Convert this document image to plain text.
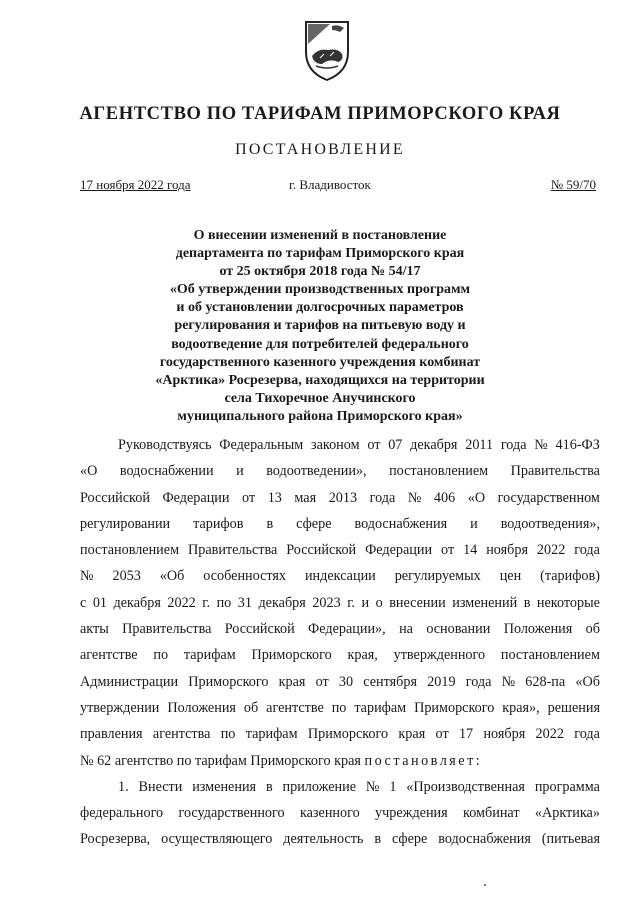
АГЕНТСТВО ПО ТАРИФАМ ПРИМОРСКОГО КРАЯ
ПОСТАНОВЛЕНИЕ
17 ноября 2022 года	г. Владивосток	№ 59/70
О внесении изменений в постановление
департамента по тарифам Приморского края
от 25 октября 2018 года № 54/17
«Об утверждении производственных программ
и об установлении долгосрочных параметров
регулирования и тарифов на питьевую воду и
водоотведение для потребителей федерального
государственного казенного учреждения комбинат
«Арктика» Росрезерва, находящихся на территории
села Тихоречное Анучинского
муниципального района Приморского края»
Руководствуясь Федеральным законом от 07 декабря 2011 года № 416-ФЗ
«О водоснабжении и водоотведении», постановлением Правительства
Российской Федерации от 13 мая 2013 года № 406 «О государственном
регулировании тарифов в сфере водоснабжения и водоотведения»,
постановлением Правительства Российской Федерации от 14 ноября 2022 года
№ 2053 «Об особенностях индексации регулируемых цен (тарифов)
с 01 декабря 2022 г. по 31 декабря 2023 г. и о внесении изменений в некоторые
акты Правительства Российской Федерации», на основании Положения об
агентстве по тарифам Приморского края, утвержденного постановлением
Администрации Приморского края от 30 сентября 2019 года № 628-па «Об
утверждении Положения об агентстве по тарифам Приморского края», решения
правления агентства по тарифам Приморского края от 17 ноября 2022 года
№ 62 агентство по тарифам Приморского края постановляет:
1. Внести изменения в приложение № 1 «Производственная программа
федерального государственного казенного учреждения комбинат «Арктика»
Росрезерва, осуществляющего деятельность в сфере водоснабжения (питьевая
